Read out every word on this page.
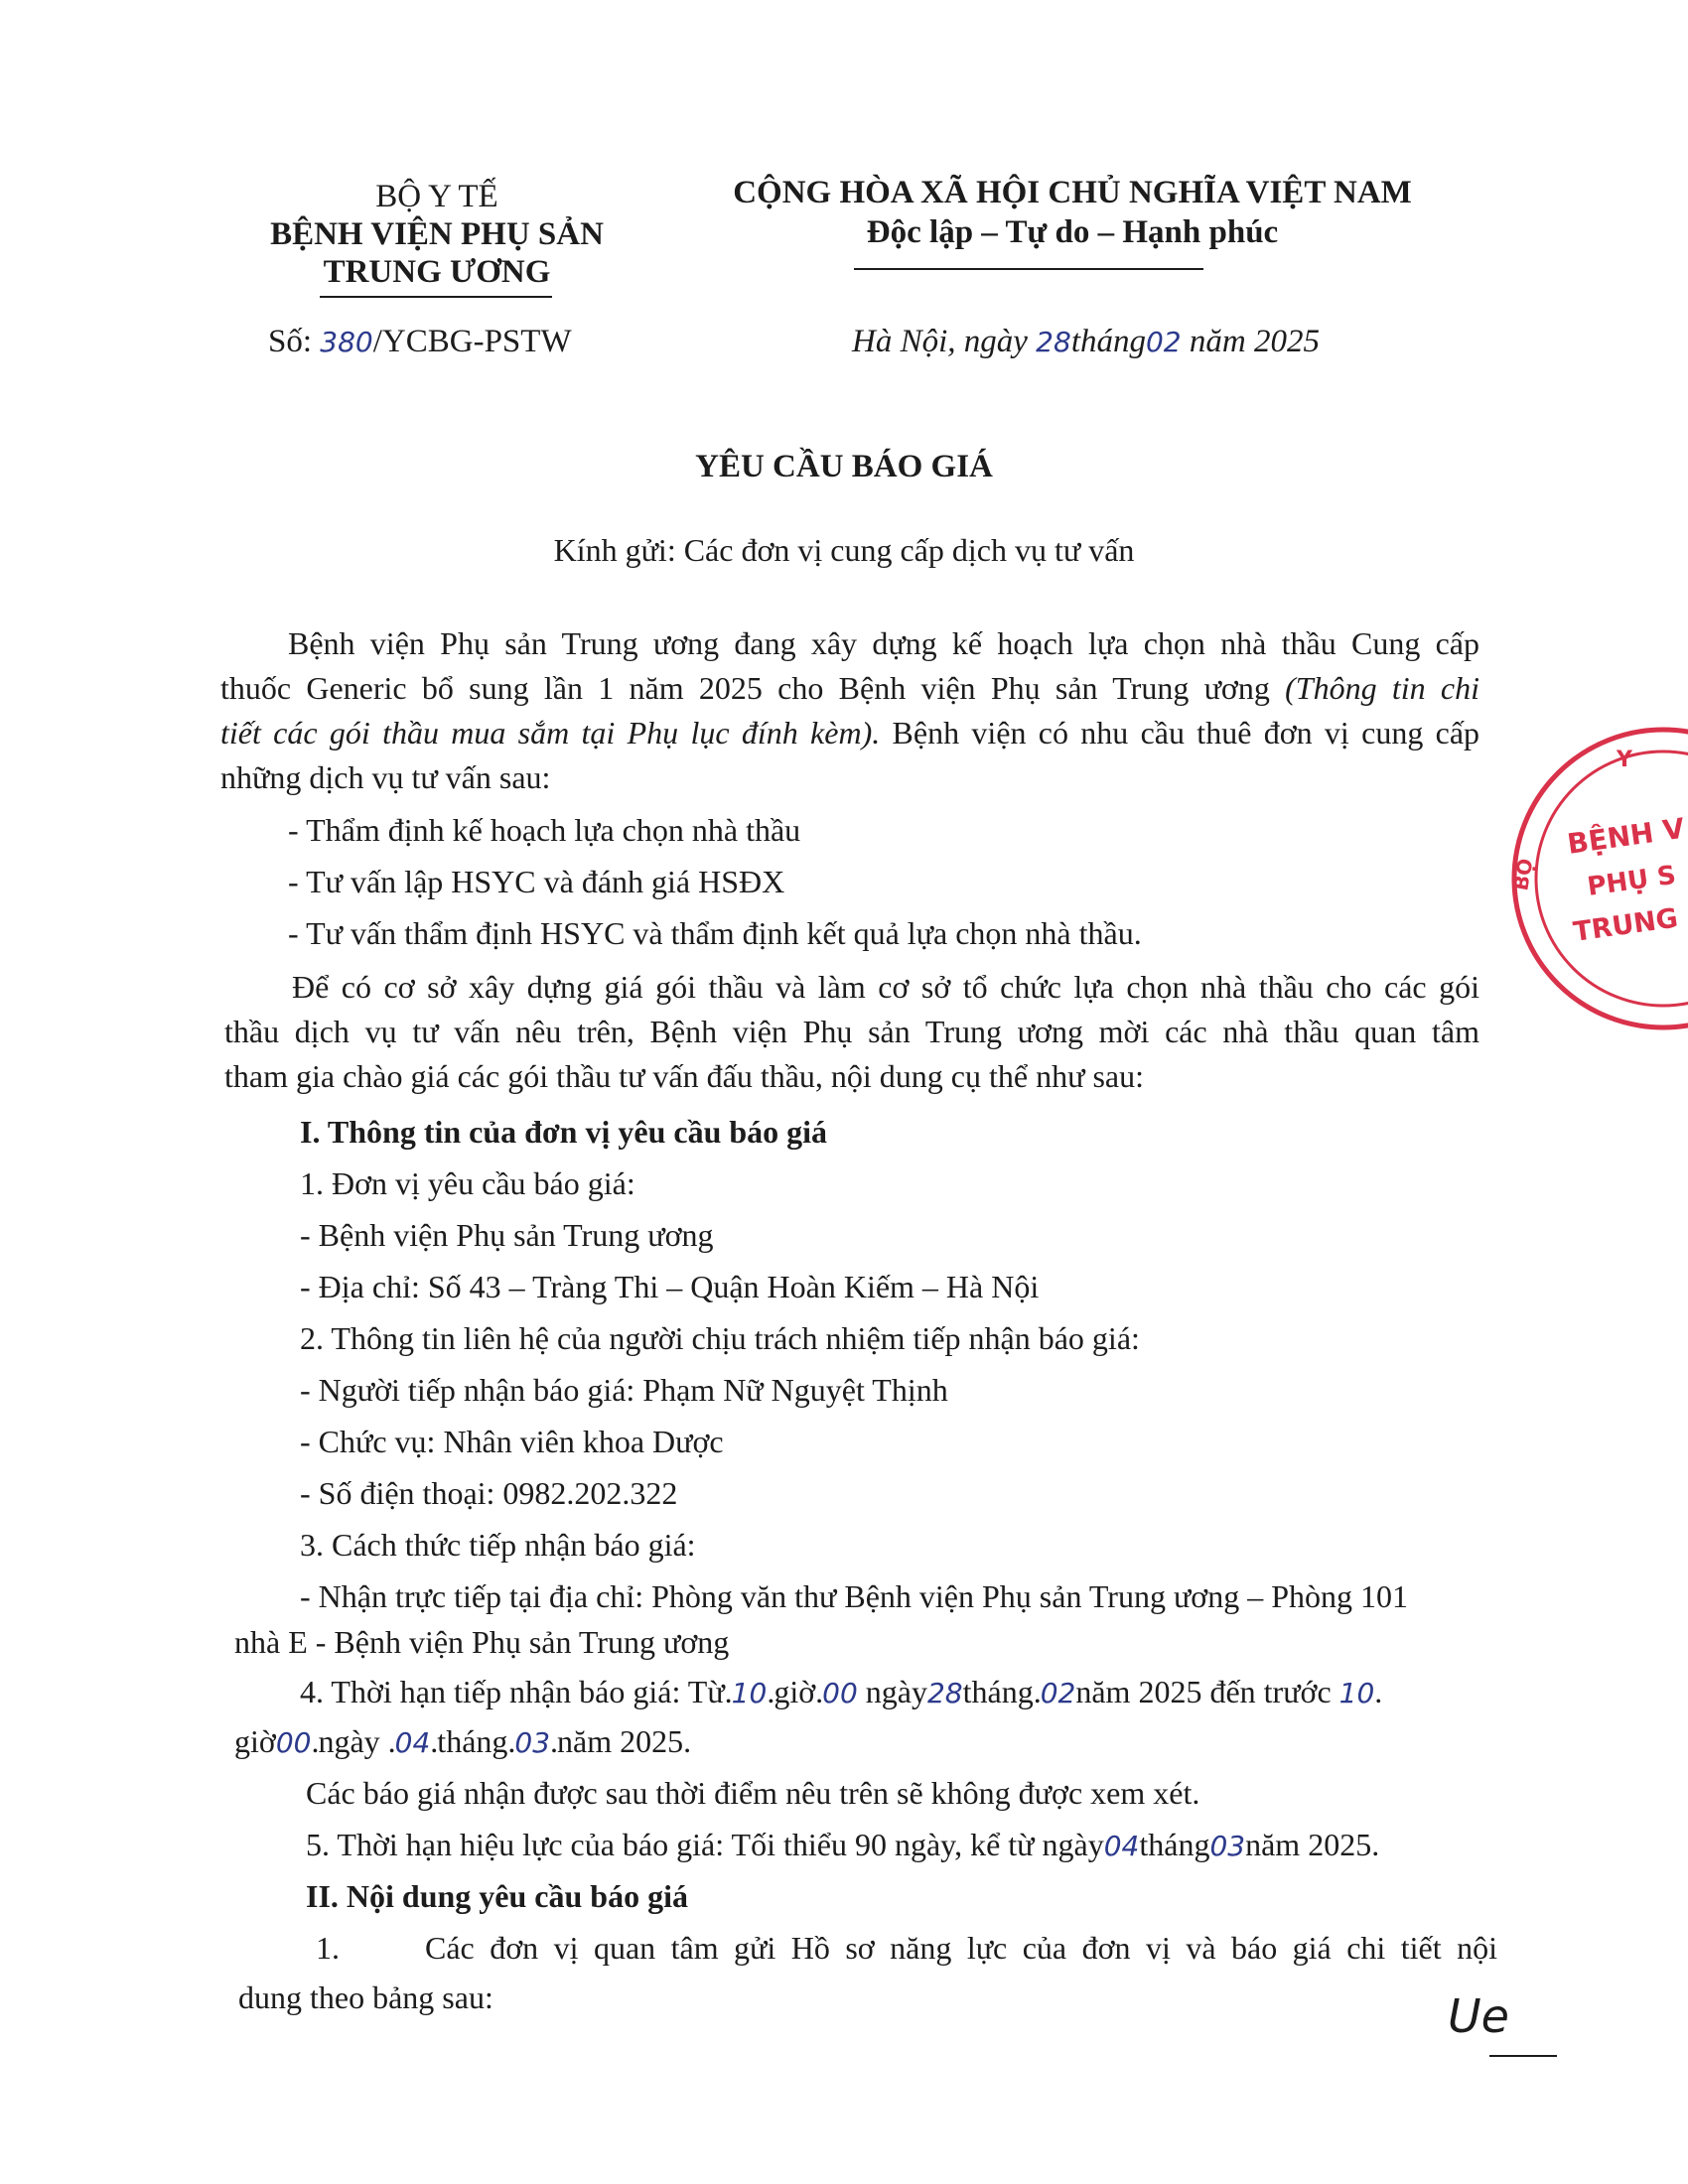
BỘ Y TẾ
BỆNH VIỆN PHỤ SẢN
TRUNG ƯƠNG
Số: 380/YCBG-PSTW
CỘNG HÒA XÃ HỘI CHỦ NGHĨA VIỆT NAM
Độc lập – Tự do – Hạnh phúc
Hà Nội, ngày 28tháng02 năm 2025
YÊU CẦU BÁO GIÁ
Kính gửi: Các đơn vị cung cấp dịch vụ tư vấn
Bệnh viện Phụ sản Trung ương đang xây dựng kế hoạch lựa chọn nhà thầu Cung cấp
thuốc Generic bổ sung lần 1 năm 2025 cho Bệnh viện Phụ sản Trung ương (Thông tin chi
tiết các gói thầu mua sắm tại Phụ lục đính kèm). Bệnh viện có nhu cầu thuê đơn vị cung cấp
những dịch vụ tư vấn sau:
- Thẩm định kế hoạch lựa chọn nhà thầu
- Tư vấn lập HSYC và đánh giá HSĐX
- Tư vấn thẩm định HSYC và thẩm định kết quả lựa chọn nhà thầu.
Để có cơ sở xây dựng giá gói thầu và làm cơ sở tổ chức lựa chọn nhà thầu cho các gói
thầu dịch vụ tư vấn nêu trên, Bệnh viện Phụ sản Trung ương mời các nhà thầu quan tâm
tham gia chào giá các gói thầu tư vấn đấu thầu, nội dung cụ thể như sau:
I. Thông tin của đơn vị yêu cầu báo giá
1. Đơn vị yêu cầu báo giá:
- Bệnh viện Phụ sản Trung ương
- Địa chỉ: Số 43 – Tràng Thi – Quận Hoàn Kiếm – Hà Nội
2. Thông tin liên hệ của người chịu trách nhiệm tiếp nhận báo giá:
- Người tiếp nhận báo giá: Phạm Nữ Nguyệt Thịnh
- Chức vụ: Nhân viên khoa Dược
- Số điện thoại: 0982.202.322
3. Cách thức tiếp nhận báo giá:
- Nhận trực tiếp tại địa chỉ: Phòng văn thư Bệnh viện Phụ sản Trung ương – Phòng 101
nhà E - Bệnh viện Phụ sản Trung ương
4. Thời hạn tiếp nhận báo giá: Từ.10.giờ.00 ngày28tháng.02năm 2025 đến trước 10.
giờ00.ngày .04.tháng.03.năm 2025.
Các báo giá nhận được sau thời điểm nêu trên sẽ không được xem xét.
5. Thời hạn hiệu lực của báo giá: Tối thiểu 90 ngày, kể từ ngày04tháng03năm 2025.
II. Nội dung yêu cầu báo giá
1.	Các đơn vị quan tâm gửi Hồ sơ năng lực của đơn vị và báo giá chi tiết nội
dung theo bảng sau:
Y
BỆNH V
PHỤ S
TRUNG
BỘ
Ue
